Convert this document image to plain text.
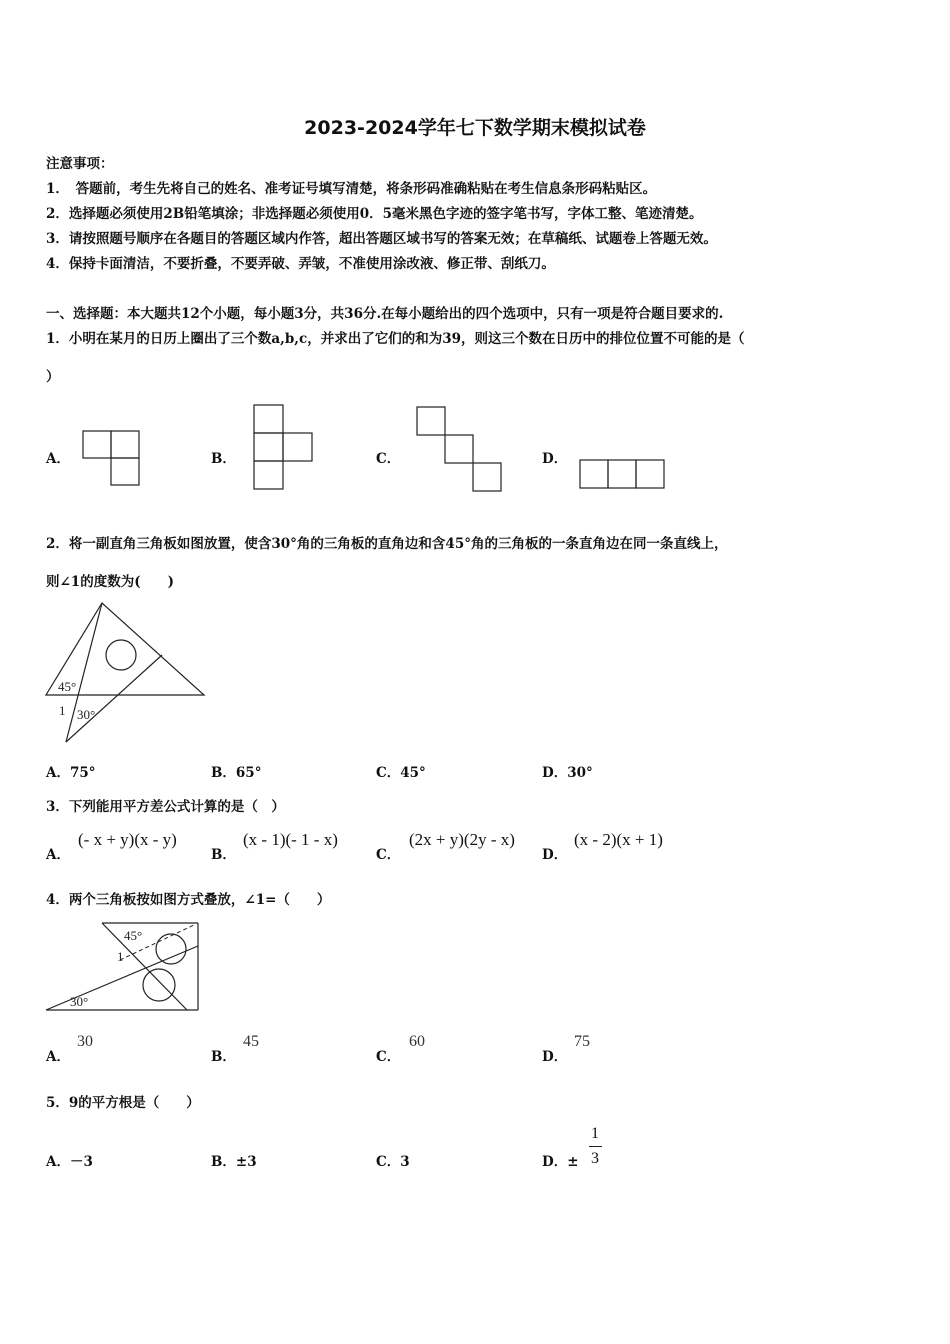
2023-2024学年七下数学期末模拟试卷
注意事项：
1．　答题前，考生先将自己的姓名、准考证号填写清楚，将条形码准确粘贴在考生信息条形码粘贴区。
2．选择题必须使用2B铅笔填涂；非选择题必须使用0．5毫米黑色字迹的签字笔书写，字体工整、笔迹清楚。
3．请按照题号顺序在各题目的答题区域内作答，超出答题区域书写的答案无效；在草稿纸、试题卷上答题无效。
4．保持卡面清洁，不要折叠，不要弄破、弄皱，不准使用涂改液、修正带、刮纸刀。
一、选择题：本大题共12个小题，每小题3分，共36分.在每小题给出的四个选项中，只有一项是符合题目要求的.
1．小明在某月的日历上圈出了三个数a,b,c，并求出了它们的和为39，则这三个数在日历中的排位位置不可能的是（
）
A．	B．	C．	D．
2．将一副直角三角板如图放置，使含30°角的三角板的直角边和含45°角的三角板的一条直角边在同一条直线上，
则∠1的度数为(　　)
45°
1 30°
A．75°	B．65°	C．45°	D．30°
3．下列能用平方差公式计算的是（　）
A．
(- x + y)(x - y)
B．
(x - 1)(- 1 - x)
C．
(2x + y)(2y - x)
D．
(x - 2)(x + 1)
4．两个三角板按如图方式叠放，∠1=（　　）
45°
1
30°
A．
30
B．
45
C．
60
D．
75
5．9的平方根是（　　）
A．－3	B．±3	C．3	D．±
1
3
